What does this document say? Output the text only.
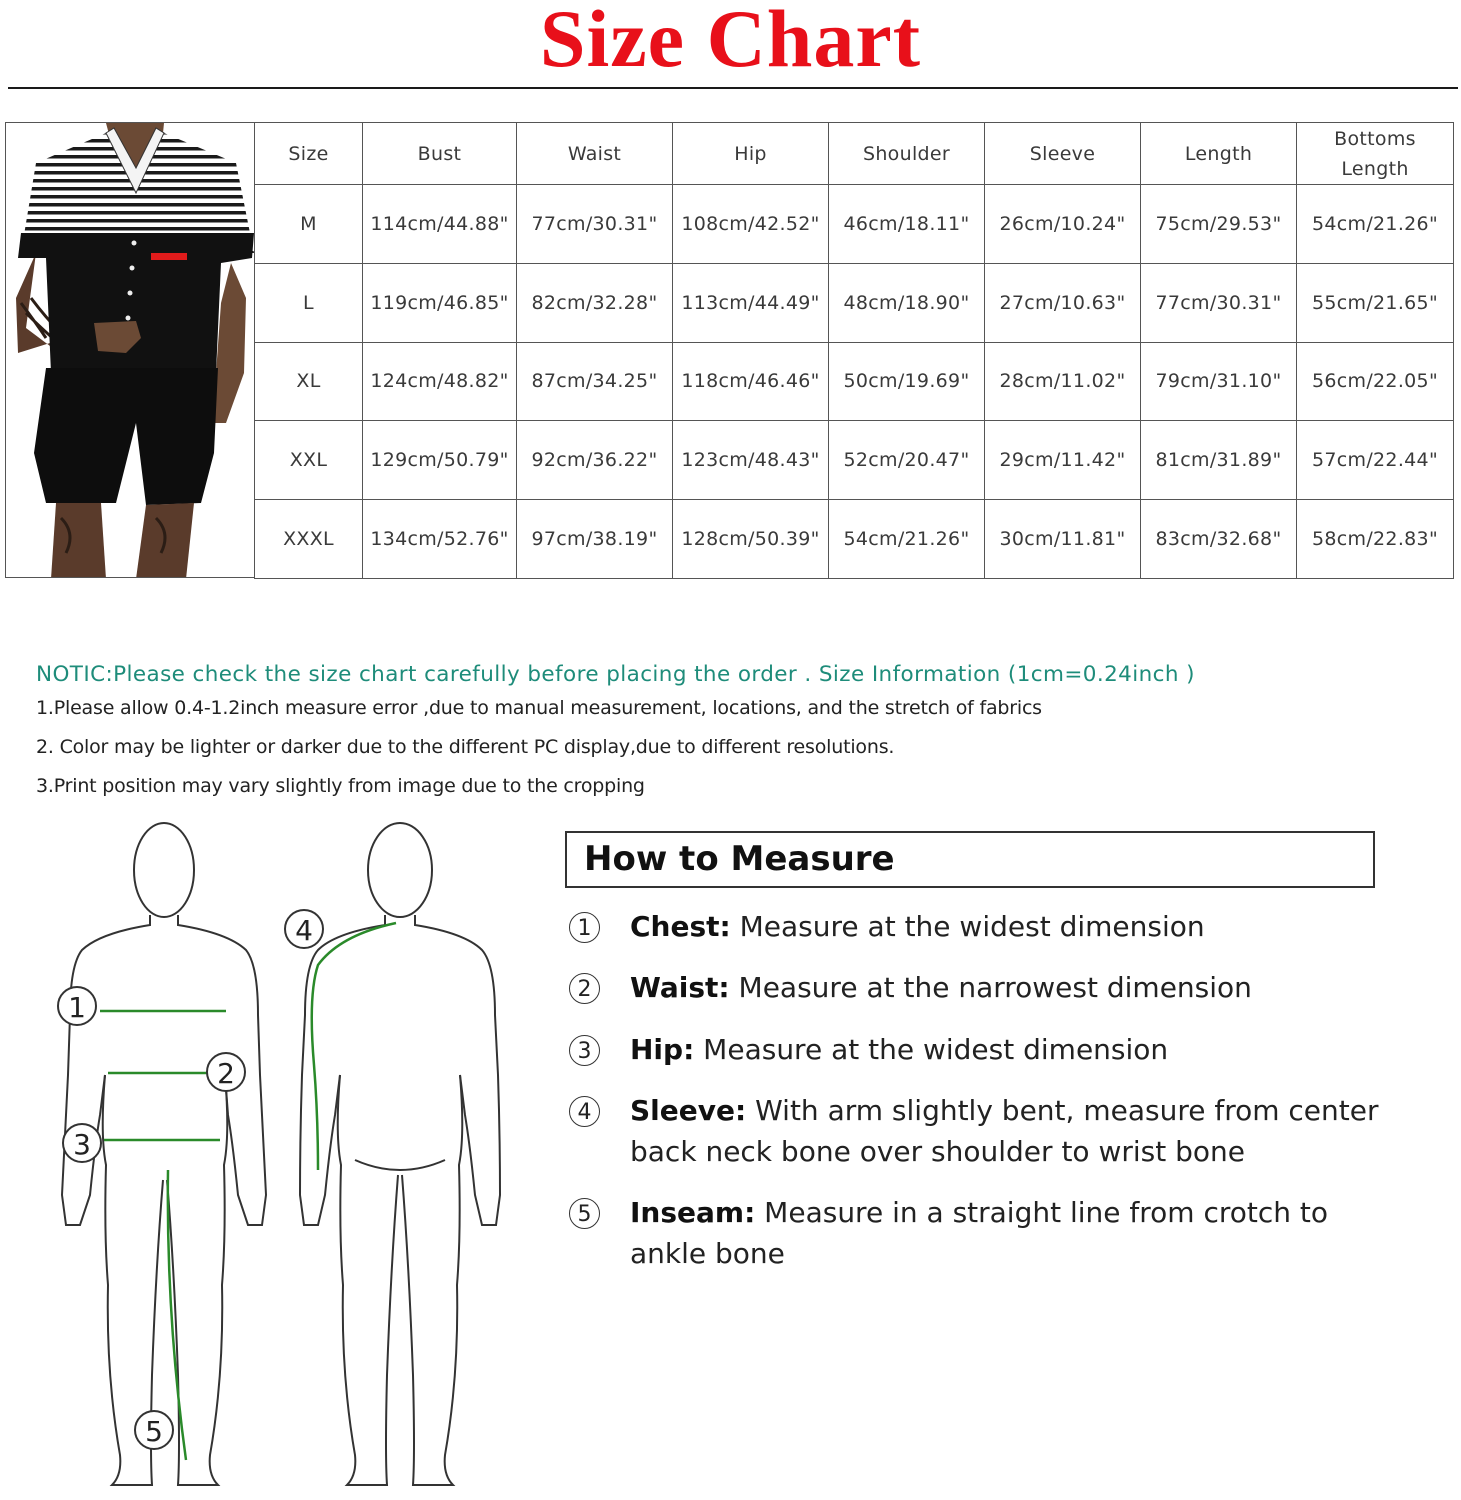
Size Chart
Size	Bust	Waist	Hip	Shoulder	Sleeve	Length	Bottoms Length
M	114cm/44.88"	77cm/30.31"	108cm/42.52"	46cm/18.11"	26cm/10.24"	75cm/29.53"	54cm/21.26"
L	119cm/46.85"	82cm/32.28"	113cm/44.49"	48cm/18.90"	27cm/10.63"	77cm/30.31"	55cm/21.65"
XL	124cm/48.82"	87cm/34.25"	118cm/46.46"	50cm/19.69"	28cm/11.02"	79cm/31.10"	56cm/22.05"
XXL	129cm/50.79"	92cm/36.22"	123cm/48.43"	52cm/20.47"	29cm/11.42"	81cm/31.89"	57cm/22.44"
XXXL	134cm/52.76"	97cm/38.19"	128cm/50.39"	54cm/21.26"	30cm/11.81"	83cm/32.68"	58cm/22.83"
NOTIC:Please check the size chart carefully before placing the order . Size Information (1cm=0.24inch )
1.Please allow 0.4-1.2inch measure error ,due to manual measurement, locations, and the stretch of fabrics
2. Color may be lighter or darker due to the different PC display,due to different resolutions.
3.Print position may vary slightly from image due to the cropping
1
2
3
4
5
How to Measure
1	Chest: Measure at the widest dimension
2	Waist: Measure at the narrowest dimension
3	Hip: Measure at the widest dimension
4	Sleeve: With arm slightly bent, measure from center back neck bone over shoulder to wrist bone
5	Inseam: Measure in a straight line from crotch to ankle bone
